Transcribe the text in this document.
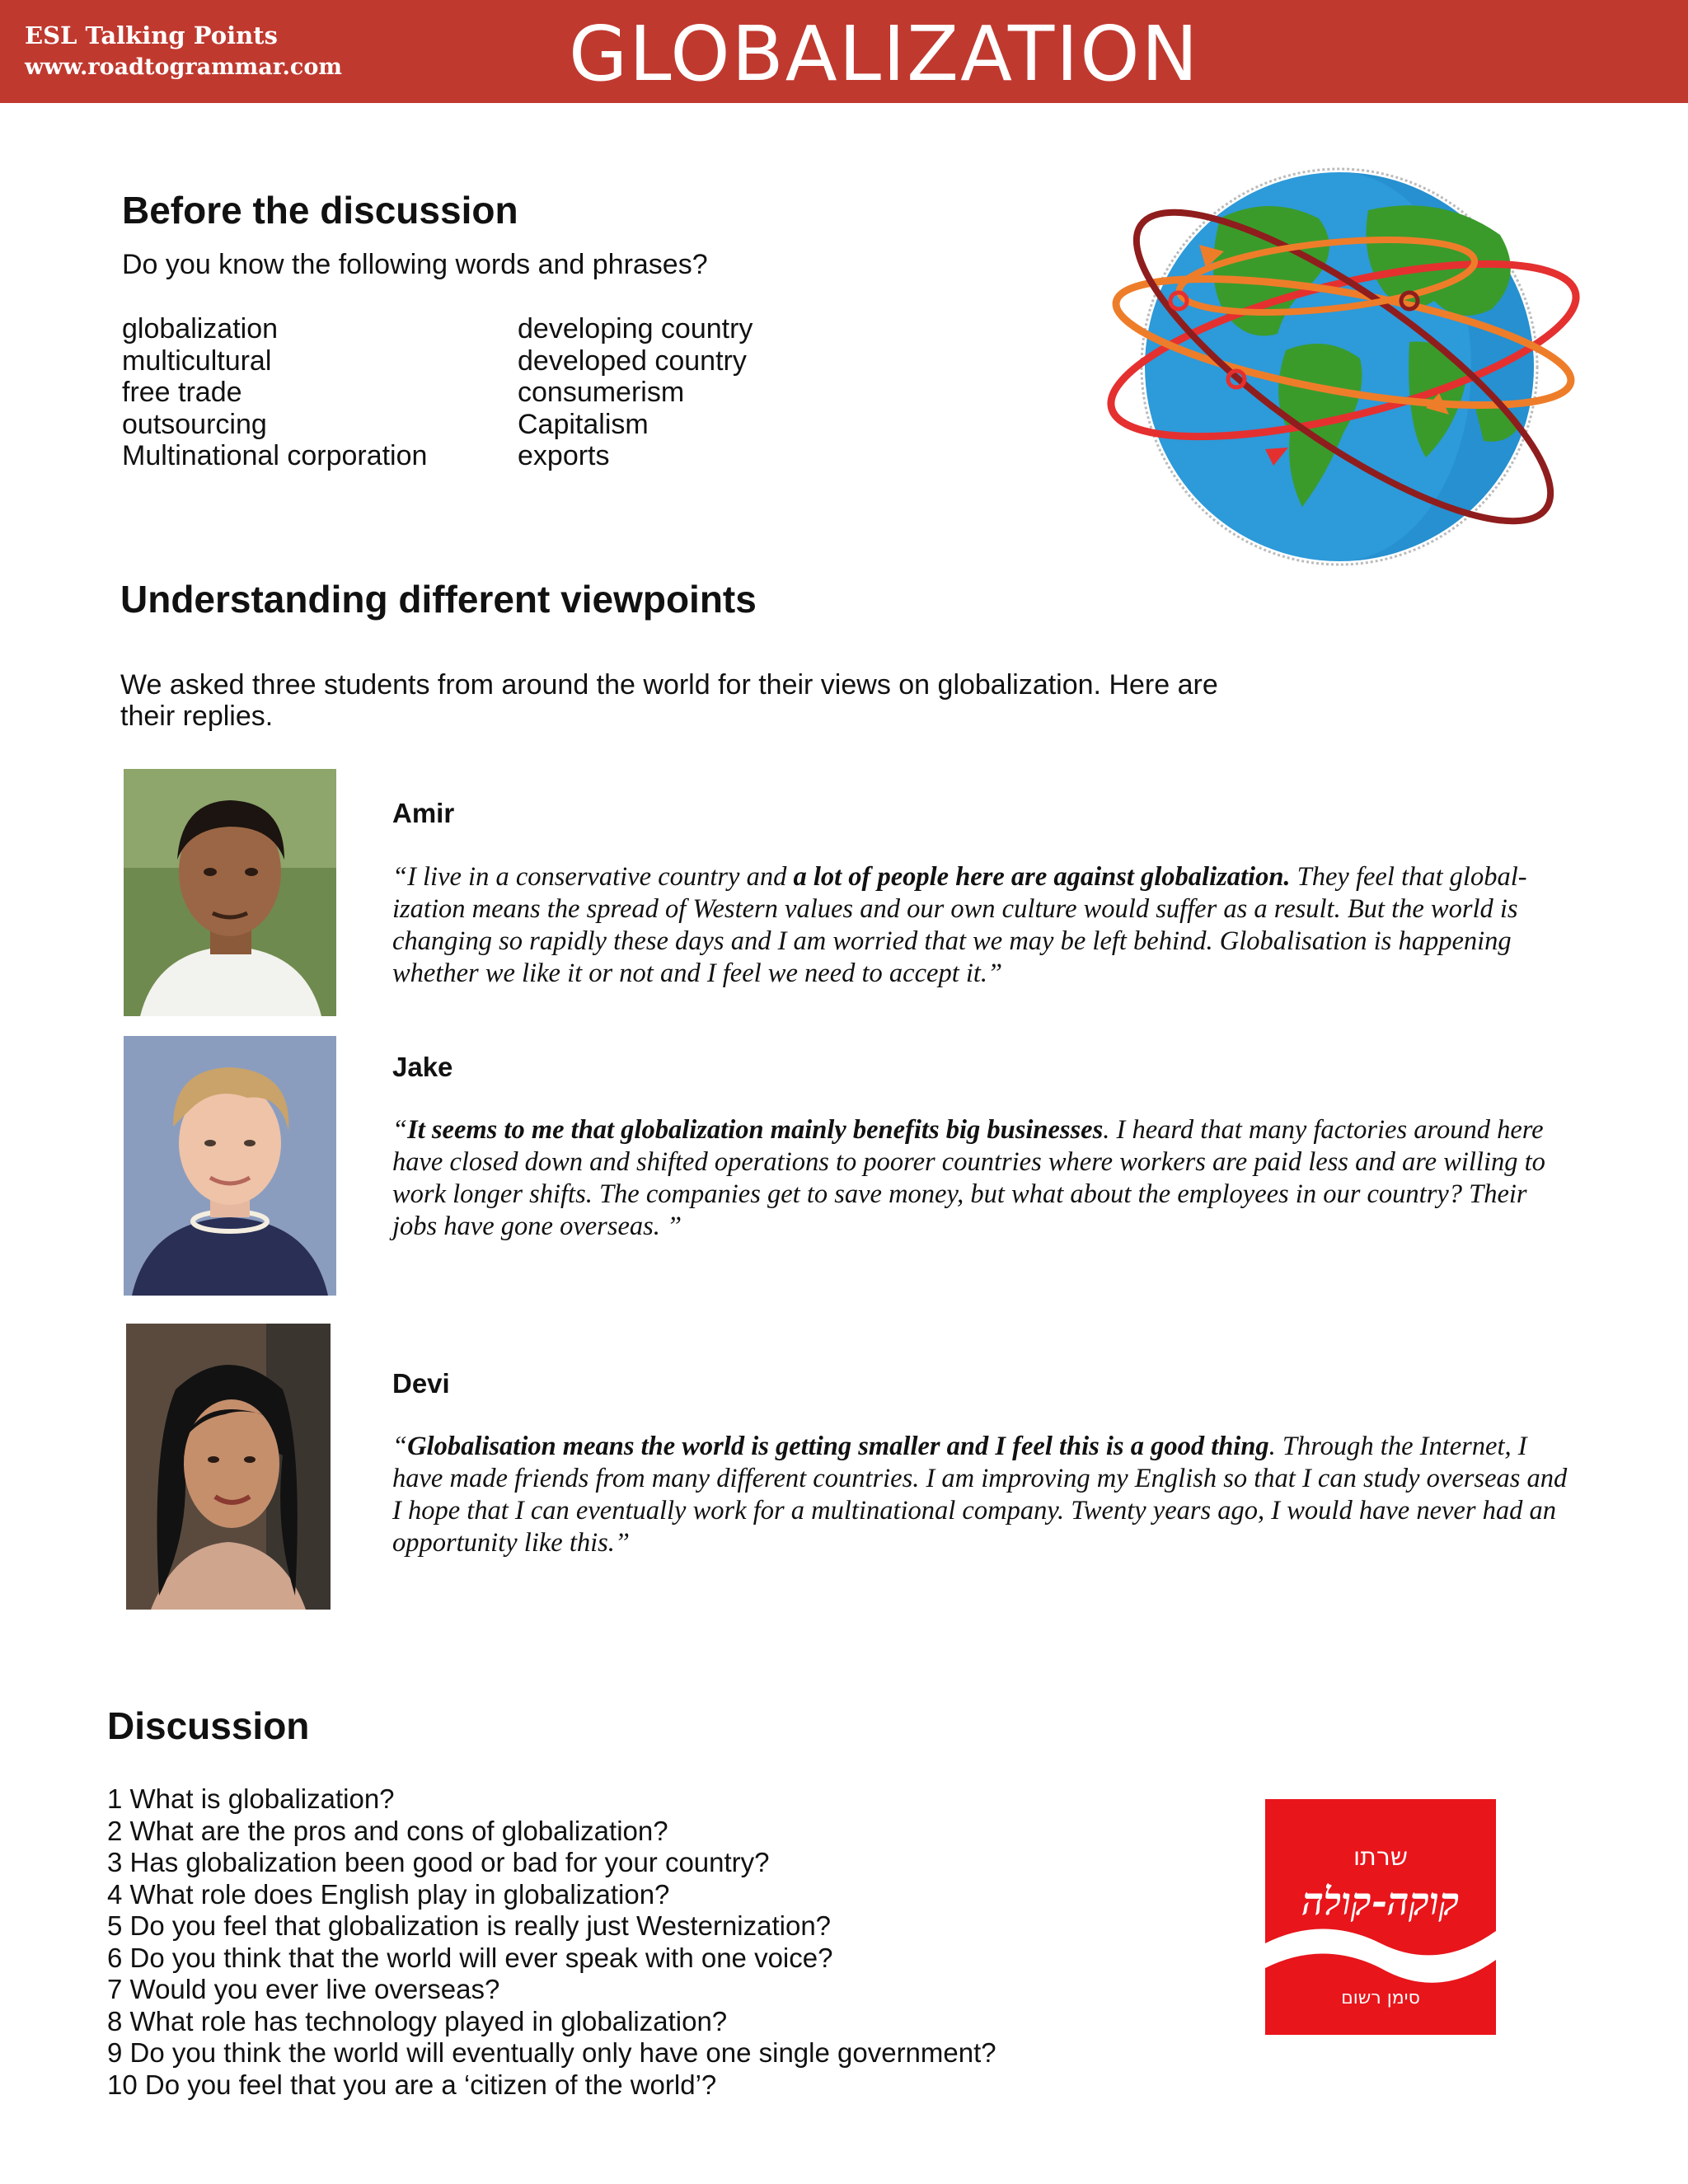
ESL Talking Points
www.roadtogrammar.com	GLOBALIZATION
Before the discussion
Do you know the following words and phrases?
globalization
multicultural
free trade
outsourcing
Multinational corporation
developing country
developed country
consumerism
Capitalism
exports
Understanding different viewpoints
We asked three students from around the world for their views on globalization. Here are
their replies.
Amir
“I live in a conservative country and a lot of people here are against globalization. They feel that global-ization means the spread of Western values and our own culture would suffer as a result. But the world is changing so rapidly these days and I am worried that we may be left behind. Globalisation is happening whether we like it or not and I feel we need to accept it.”
Jake
“It seems to me that globalization mainly benefits big businesses. I heard that many factories around here have closed down and shifted operations to poorer countries where workers are paid less and are willing to work longer shifts. The companies get to save money, but what about the employees in our country? Their jobs have gone overseas. ”
Devi
“Globalisation means the world is getting smaller and I feel this is a good thing. Through the Internet, I have made friends from many different countries. I am improving my English so that I can study overseas and I hope that I can eventually work for a multinational company. Twenty years ago, I would have never had an opportunity like this.”
Discussion
1 What is globalization?
2 What are the pros and cons of globalization?
3 Has globalization been good or bad for your country?
4 What role does English play in globalization?
5 Do you feel that globalization is really just Westernization?
6 Do you think that the world will ever speak with one voice?
7 Would you ever live overseas?
8 What role has technology played in globalization?
9 Do you think the world will eventually only have one single government?
10 Do you feel that you are a ‘citizen of the world’?
שרתו
קוקה-קולה
סימן רשום
